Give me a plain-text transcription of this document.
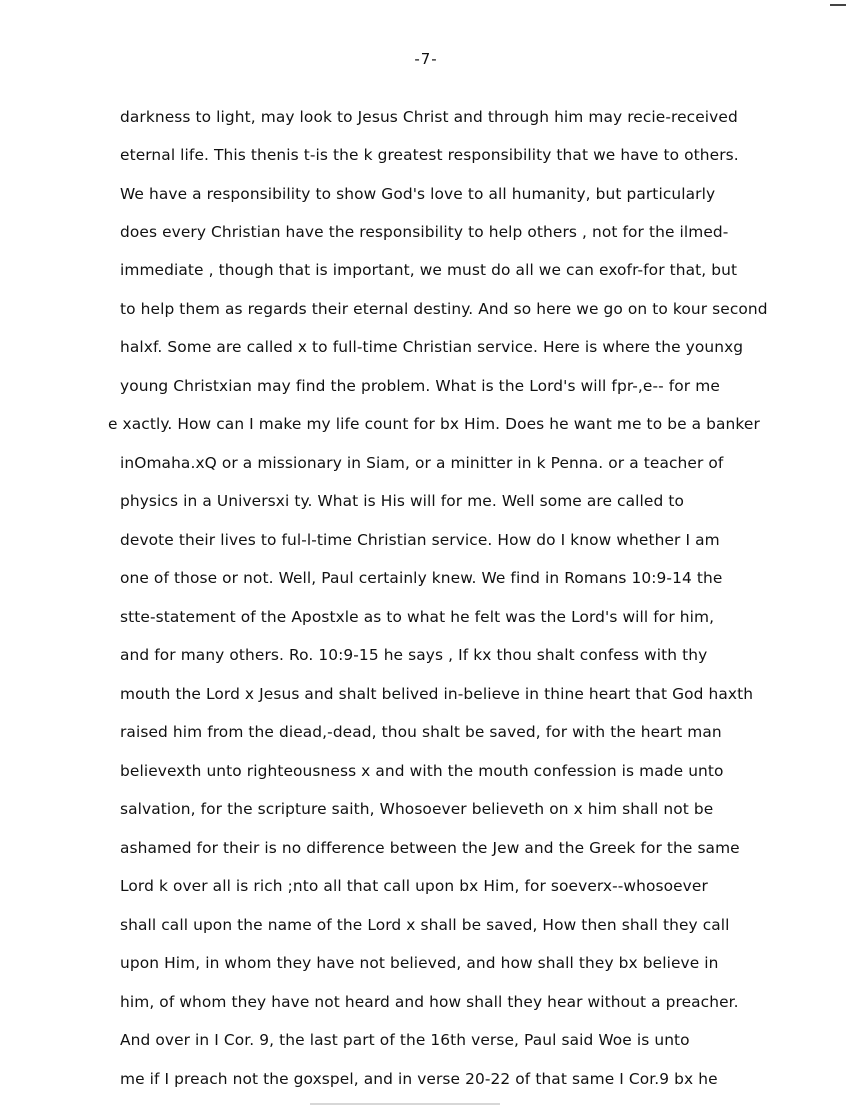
-7-
darkness to light, may look to Jesus Christ and through him may recie-received
eternal life. This thenis t-is the k greatest responsibility that we have to others.
We have a responsibility to show God's love to all humanity, but particularly
does every Christian have the responsibility to help others , not for the ilmed-
immediate , though that is important, we must do all we can exofr-for that, but
to help them as regards their eternal destiny. And so here we go on to kour second
halxf. Some are called x to full-time Christian service. Here is where the younxg
young Christxian may find the problem. What is the Lord's will fpr-,e-- for me
e xactly. How can I make my life count for bx Him. Does he want me to be a banker
inOmaha.xQ or a missionary in Siam, or a minitter in k Penna. or a teacher of
physics in a Universxi ty. What is His will for me. Well some are called to
devote their lives to ful-l-time Christian service. How do I know whether I am
one of those or not. Well, Paul certainly knew. We find in Romans 10:9-14 the
stte-statement of the Apostxle as to what he felt was the Lord's will for him,
and for many others. Ro. 10:9-15 he says , If kx thou shalt confess with thy
mouth the Lord x Jesus and shalt belived in-believe in thine heart that God haxth
raised him from the diead,-dead, thou shalt be saved, for with the heart man
believexth unto righteousness x and with the mouth confession is made unto
salvation, for the scripture saith, Whosoever believeth on x him shall not be
ashamed for their is no difference between the Jew and the Greek for the same
Lord k over all is rich ;nto all that call upon bx Him, for soeverx--whosoever
shall call upon the name of the Lord x shall be saved, How then shall they call
upon Him, in whom they have not believed, and how shall they bx believe in
him, of whom they have not heard and how shall they hear without a preacher.
And over in I Cor. 9, the last part of the 16th verse, Paul said Woe is unto
me if I preach not the goxspel, and in verse 20-22 of that same I Cor.9 bx he
